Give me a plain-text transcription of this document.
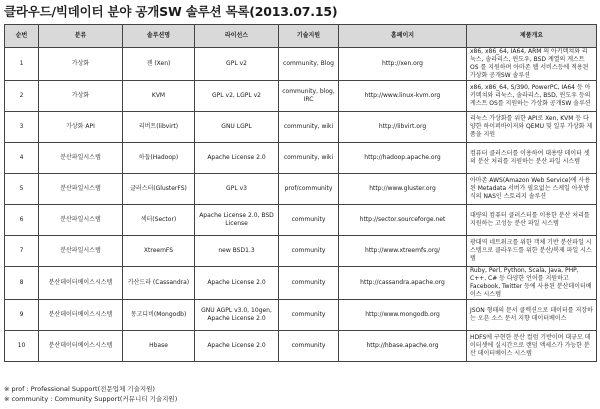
클라우드/빅데이터 분야 공개SW 솔루션 목록(2013.07.15)
순번	분류	솔루션명	라이선스	기술지원	홈페이지	제품개요
1	가상화	젠 (Xen)	GPL v2	community, Blog	http://xen.org	x86, x86_64, IA64, ARM 의 아키텍쳐와 리눅스, 솔라리스, 윈도우, BSD 계열의 게스트 OS 를 지원하며 아마존 웹 서비스등에 적용된 가상화 공개SW 솔루션
2	가상화	KVM	GPL v2, LGPL v2	community, blog, IRC	http://www.linux-kvm.org	x86, x86_64, S/390, PowerPC, IA64 등 아키텍쳐와 리눅스, 솔라리스, BSD, 윈도우 등의 게스트 OS를 지원하는 가상화 공개SW 솔루션
3	가상화 API	리버트(libvirt)	GNU LGPL	community, wiki	http://libvirt.org	리눅스 가상화를 위한 API로 Xen, KVM 등 다양한 하이퍼바이저와 QEMU 및 일부 가상화 제품을 지원
4	분산파일시스템	하둡(Hadoop)	Apache License 2.0	community, wiki	http://hadoop.apache.org	컴퓨터 클러스터를 이용하여 대용량 데이터 셋의 분산 처리를 지원하는 분산 파일 시스템
5	분산파일시스템	글러스터(GlusterFS)	GPL v3	prof/community	http://www.gluster.org	아마존 AWS(Amazon Web Service)에 사용된 Metadata 서버가 필요없는 스케일 아웃방식의 NAS인 스토리지 솔루션
6	분산파일시스템	섹터(Sector)	Apache License 2.0, BSD License	community	http://sector.sourceforge.net	대량의 컴퓨터 클러스터를 이용한 분산 처리를 지원하는 고성능 분산 파일 시스템
7	분산파일시스템	XtreemFS	new BSD1.3	community	http://www.xtreemfs.org/	광대역 네트워크를 위한 객체 기반 분산파일 시스템으로 클라우드를 위한 분산/복제 파일 시스템
8	분산데이터베이스시스템	카산드라 (Cassandra)	Apache License 2.0	community	http://cassandra.apache.org	Ruby, Perl, Python, Scala, Java, PHP, C++, C# 등 다양한 언어를 지원하고 Facebook, Twitter 등에 사용된 분산데이터베이스 시스템
9	분산데이터베이스시스템	몽고디비(Mongodb)	GNU AGPL v3.0, 10gen, Apache License 2.0	community	http://www.mongodb.org	JSON 형태의 문서 클렉션으로 데이터를 저장하는 오픈 소스 문서 지향 데이터베이스
10	분산데이터베이스시스템	Hbase	Apache License 2.0	community	http://hbase.apache.org	HDFS에 구현한 분산 컬럼 기반이며 대규모 데이터셋에 실시간으로 랜덤 액세스가 가능한 분산 데이터베이스 시스템
※ prof : Professional Support(전문업체 기술지원)
※ community : Community Support(커뮤니티 기술지원)
